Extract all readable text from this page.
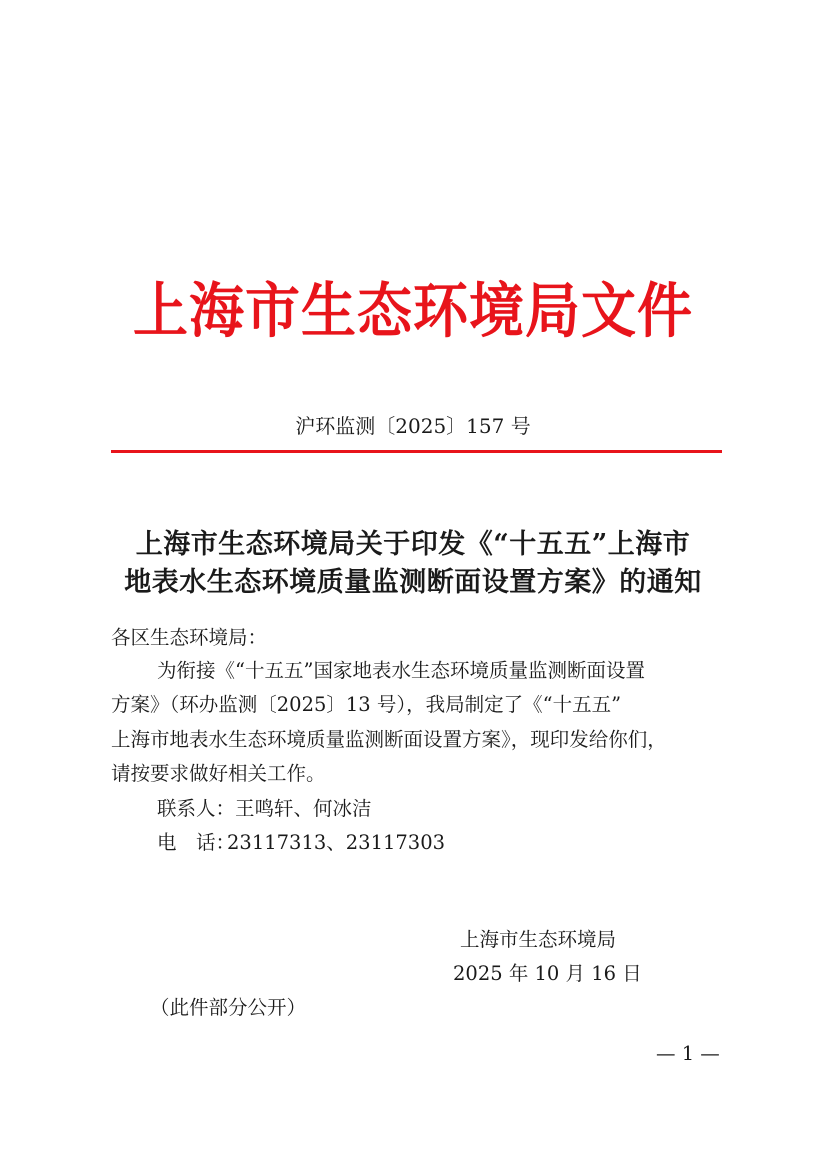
上海市生态环境局文件
沪环监测〔2025〕157 号
上海市生态环境局关于印发《“十五五”上海市
地表水生态环境质量监测断面设置方案》的通知
各区生态环境局：
为衔接《“十五五”国家地表水生态环境质量监测断面设置
方案》（环办监测〔2025〕13 号），我局制定了《“十五五”
上海市地表水生态环境质量监测断面设置方案》，现印发给你们，
请按要求做好相关工作。
联系人：王鸣轩、何冰洁
电　话：23117313、23117303
上海市生态环境局
2025 年 10 月 16 日
（此件部分公开）
— 1 —
